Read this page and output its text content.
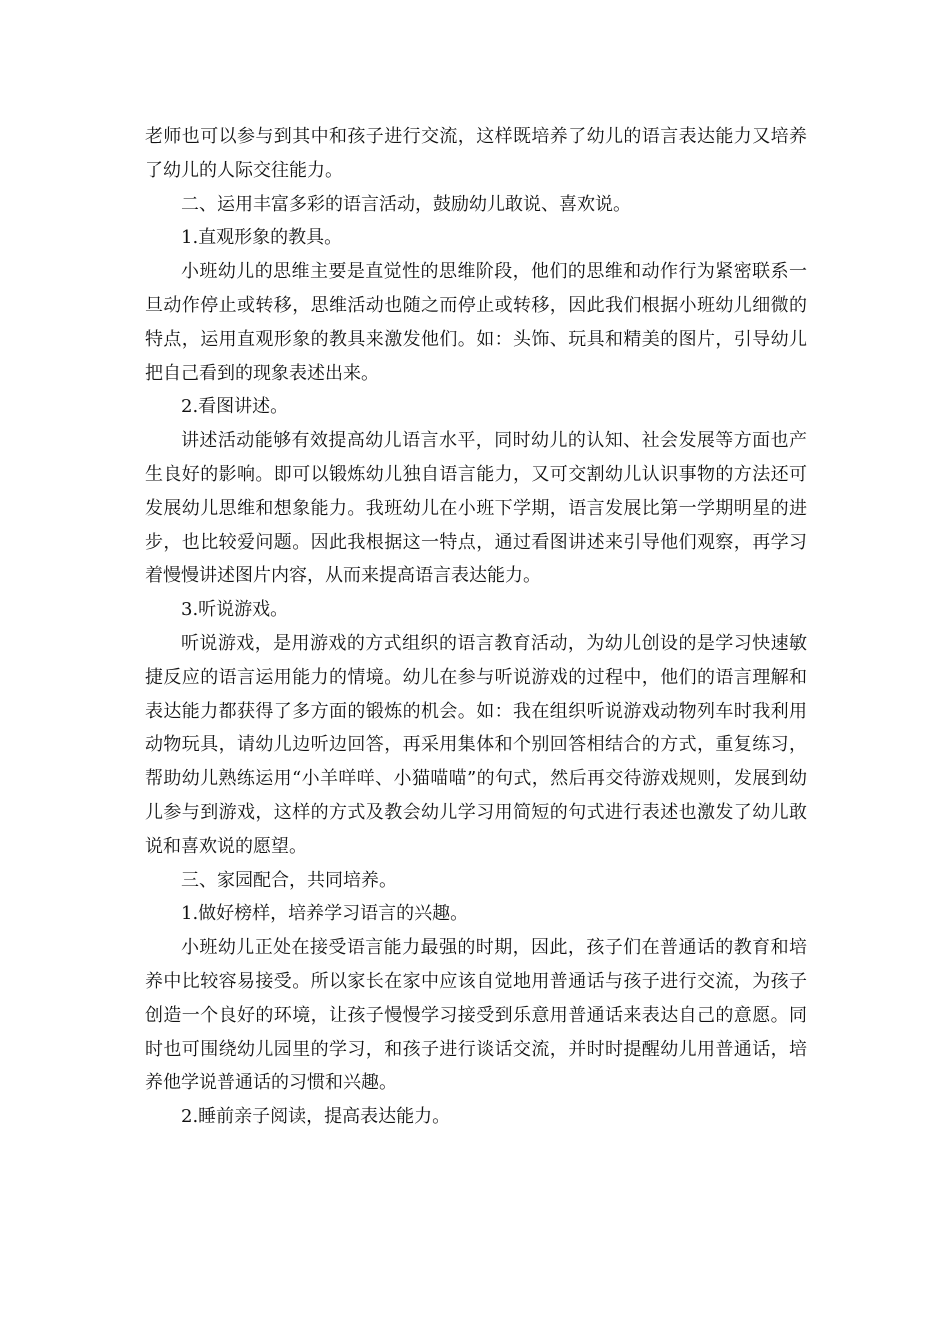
老师也可以参与到其中和孩子进行交流，这样既培养了幼儿的语言表达能力又培养了幼儿的人际交往能力。

二、运用丰富多彩的语言活动，鼓励幼儿敢说、喜欢说。

1.直观形象的教具。

小班幼儿的思维主要是直觉性的思维阶段，他们的思维和动作行为紧密联系一旦动作停止或转移，思维活动也随之而停止或转移，因此我们根据小班幼儿细微的特点，运用直观形象的教具来激发他们。如：头饰、玩具和精美的图片，引导幼儿把自己看到的现象表述出来。

2.看图讲述。

讲述活动能够有效提高幼儿语言水平，同时幼儿的认知、社会发展等方面也产生良好的影响。即可以锻炼幼儿独自语言能力，又可交割幼儿认识事物的方法还可发展幼儿思维和想象能力。我班幼儿在小班下学期，语言发展比第一学期明星的进步，也比较爱问题。因此我根据这一特点，通过看图讲述来引导他们观察，再学习着慢慢讲述图片内容，从而来提高语言表达能力。

3.听说游戏。

听说游戏，是用游戏的方式组织的语言教育活动，为幼儿创设的是学习快速敏捷反应的语言运用能力的情境。幼儿在参与听说游戏的过程中，他们的语言理解和表达能力都获得了多方面的锻炼的机会。如：我在组织听说游戏动物列车时我利用动物玩具，请幼儿边听边回答，再采用集体和个别回答相结合的方式，重复练习，帮助幼儿熟练运用“小羊咩咩、小猫喵喵”的句式，然后再交待游戏规则，发展到幼儿参与到游戏，这样的方式及教会幼儿学习用简短的句式进行表述也激发了幼儿敢说和喜欢说的愿望。

三、家园配合，共同培养。

1.做好榜样，培养学习语言的兴趣。

小班幼儿正处在接受语言能力最强的时期，因此，孩子们在普通话的教育和培养中比较容易接受。所以家长在家中应该自觉地用普通话与孩子进行交流，为孩子创造一个良好的环境，让孩子慢慢学习接受到乐意用普通话来表达自己的意愿。同时也可围绕幼儿园里的学习，和孩子进行谈话交流，并时时提醒幼儿用普通话，培养他学说普通话的习惯和兴趣。

2.睡前亲子阅读，提高表达能力。
